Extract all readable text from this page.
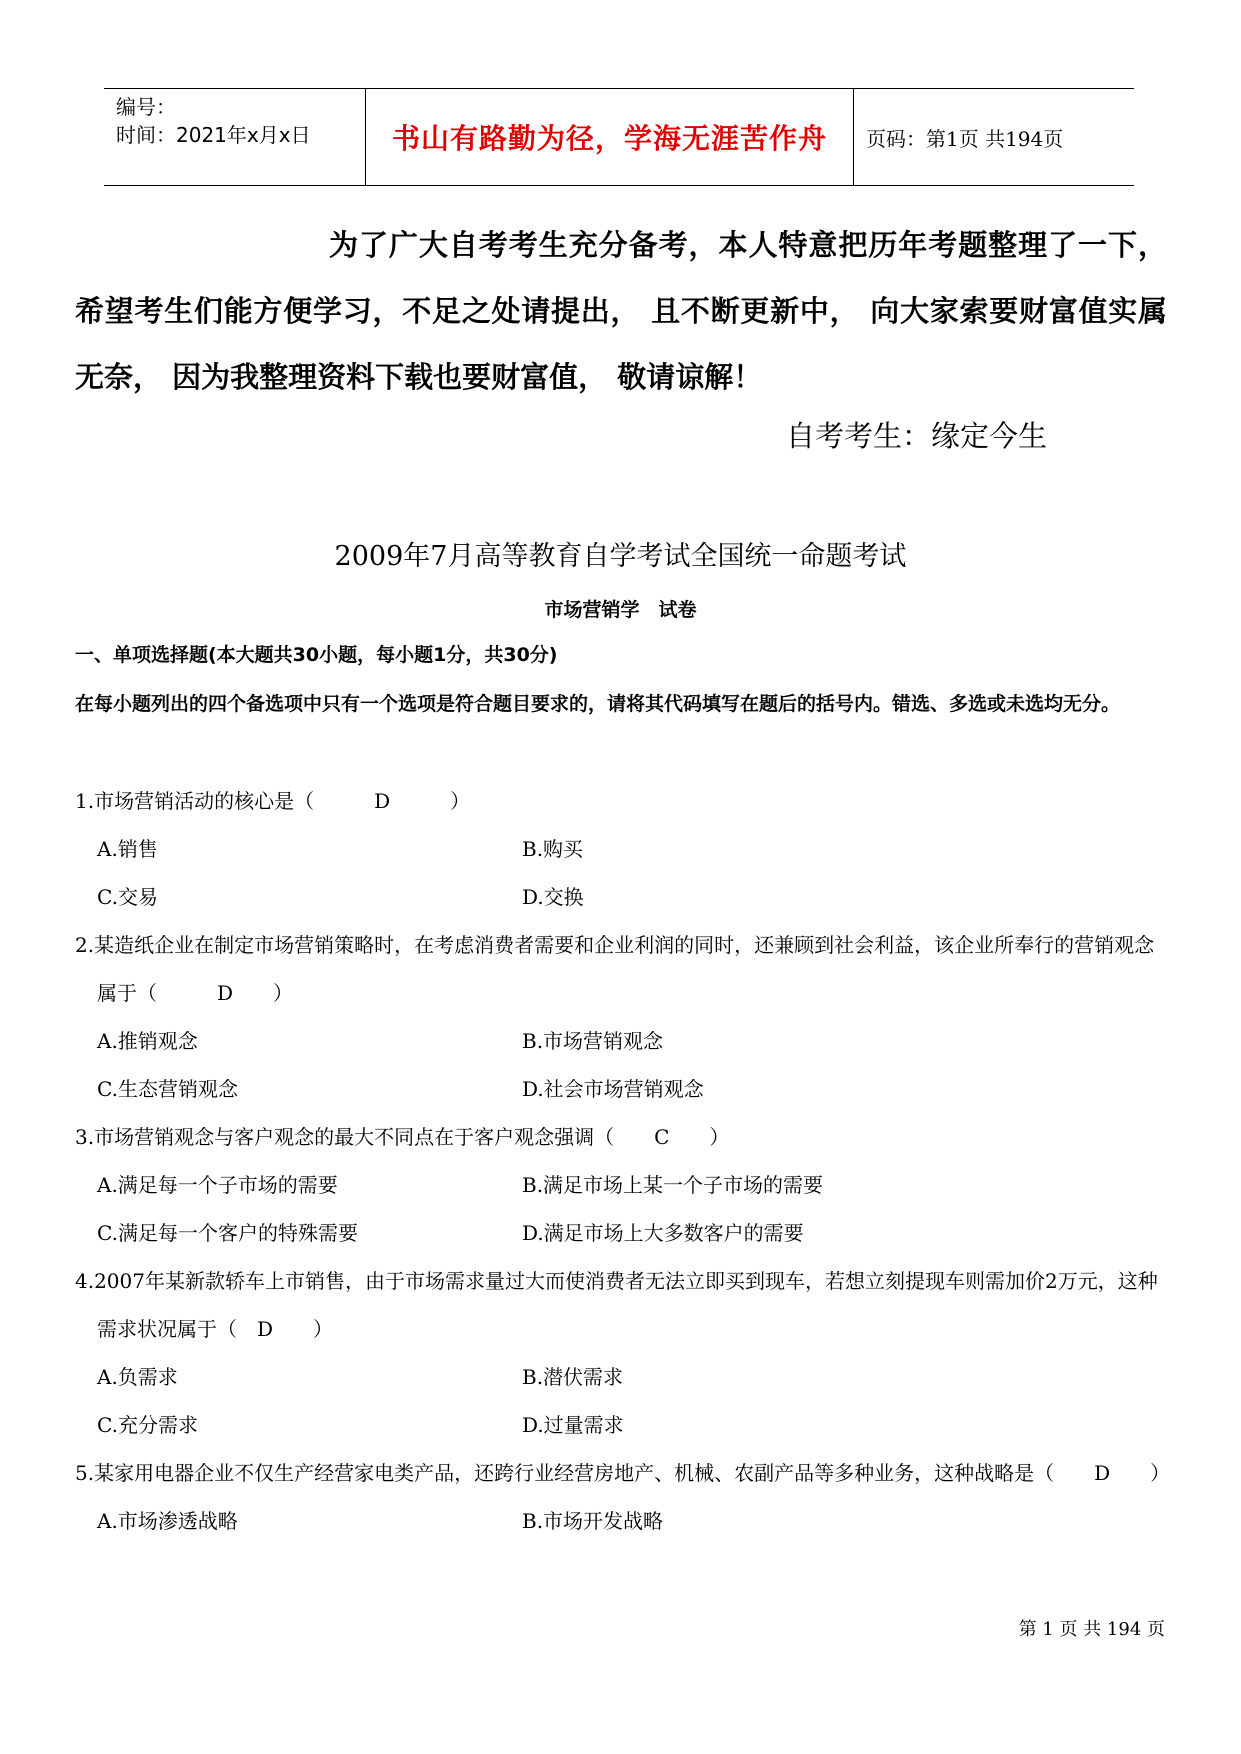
编号：
时间：2021年x月x日	书山有路勤为径，学海无涯苦作舟	页码：第1页 共194页
为了广大自考考生充分备考，本人特意把历年考题整理了一下，希望考生们能方便学习，不足之处请提出， 且不断更新中， 向大家索要财富值实属无奈， 因为我整理资料下载也要财富值， 敬请谅解！
自考考生：缘定今生
2009年7月高等教育自学考试全国统一命题考试
市场营销学　试卷
一、单项选择题(本大题共30小题，每小题1分，共30分)
在每小题列出的四个备选项中只有一个选项是符合题目要求的，请将其代码填写在题后的括号内。错选、多选或未选均无分。
1.市场营销活动的核心是（　　　D　　　）
A.销售	B.购买
C.交易	D.交换
2.某造纸企业在制定市场营销策略时，在考虑消费者需要和企业利润的同时，还兼顾到社会利益，该企业所奉行的营销观念属于（　　　D　　）
A.推销观念	B.市场营销观念
C.生态营销观念	D.社会市场营销观念
3.市场营销观念与客户观念的最大不同点在于客户观念强调（　　C　　）
A.满足每一个子市场的需要	B.满足市场上某一个子市场的需要
C.满足每一个客户的特殊需要	D.满足市场上大多数客户的需要
4.2007年某新款轿车上市销售，由于市场需求量过大而使消费者无法立即买到现车，若想立刻提现车则需加价2万元，这种需求状况属于（　D　　）
A.负需求	B.潜伏需求
C.充分需求	D.过量需求
5.某家用电器企业不仅生产经营家电类产品，还跨行业经营房地产、机械、农副产品等多种业务，这种战略是（　　D　　）
A.市场渗透战略	B.市场开发战略
第 1 页 共 194 页
